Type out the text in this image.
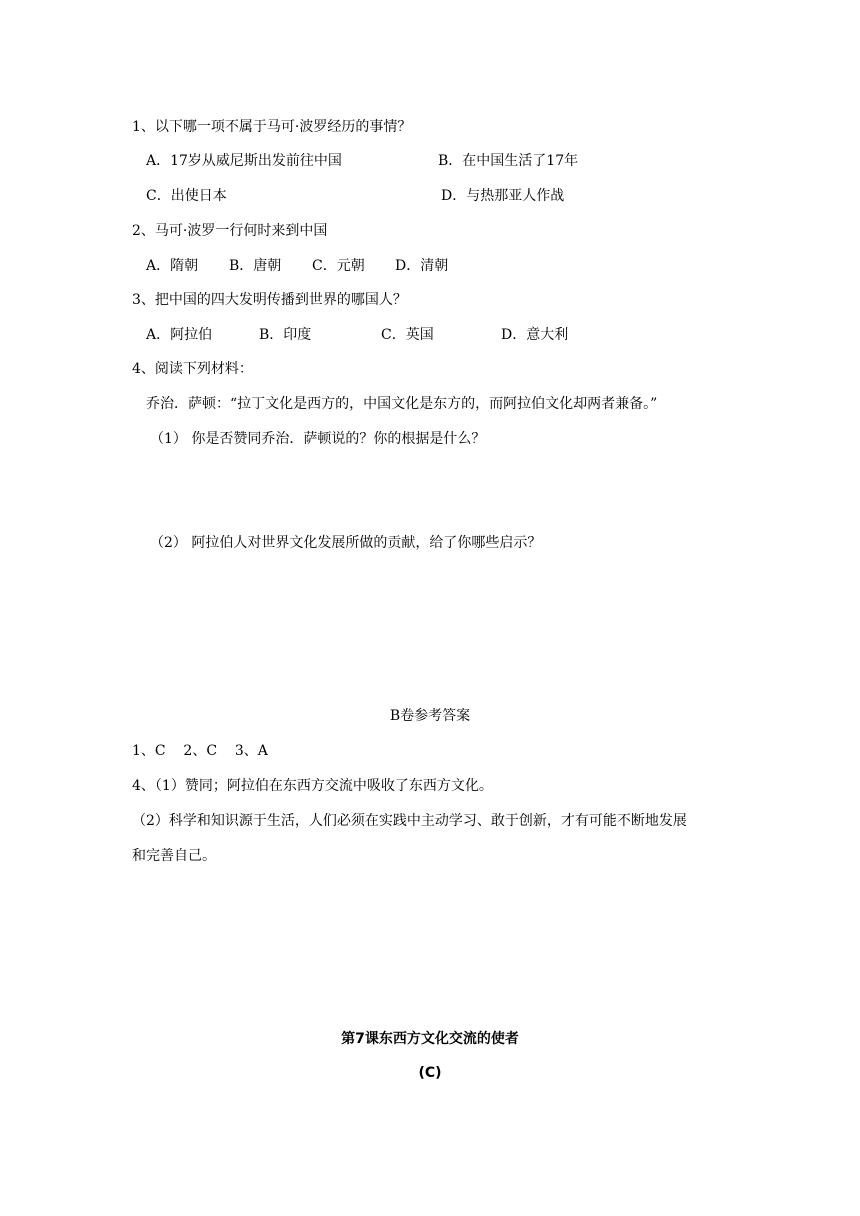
1、以下哪一项不属于马可·波罗经历的事情？
A．17岁从威尼斯出发前往中国	B．在中国生活了17年
C．出使日本	D．与热那亚人作战
2、马可·波罗一行何时来到中国
A．隋朝 B．唐朝 C．元朝 D．清朝
3、把中国的四大发明传播到世界的哪国人？
A．阿拉伯	B．印度	C．英国	D．意大利
4、阅读下列材料：
乔治．萨顿：“拉丁文化是西方的，中国文化是东方的，而阿拉伯文化却两者兼备。”
（1） 你是否赞同乔治．萨顿说的？你的根据是什么？
（2） 阿拉伯人对世界文化发展所做的贡献，给了你哪些启示？
B卷参考答案
1、C    2、C    3、A
4、（1）赞同；阿拉伯在东西方交流中吸收了东西方文化。
（2）科学和知识源于生活，人们必须在实践中主动学习、敢于创新，才有可能不断地发展
和完善自己。
第7课东西方文化交流的使者
(C)
